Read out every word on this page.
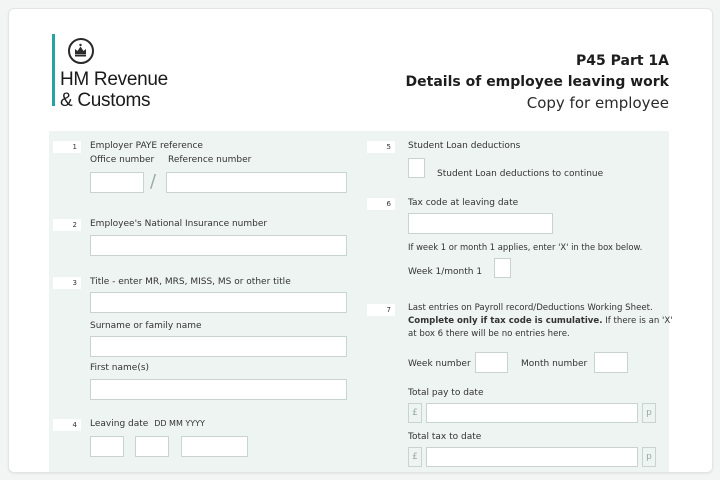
HM Revenue
& Customs
P45 Part 1A
Details of employee leaving work
Copy for employee
1	Employer PAYE reference
Office number Reference number
/
2	Employee's National Insurance number
3	Title - enter MR, MRS, MISS, MS or other title
Surname or family name
First name(s)
4	Leaving date DD MM YYYY
5	Student Loan deductions
Student Loan deductions to continue
6	Tax code at leaving date
If week 1 or month 1 applies, enter 'X' in the box below.
Week 1/month 1
7	Last entries on Payroll record/Deductions Working Sheet.
Complete only if tax code is cumulative. If there is an 'X'
at box 6 there will be no entries here.
Week number	Month number
Total pay to date
£	p
Total tax to date
£	p
